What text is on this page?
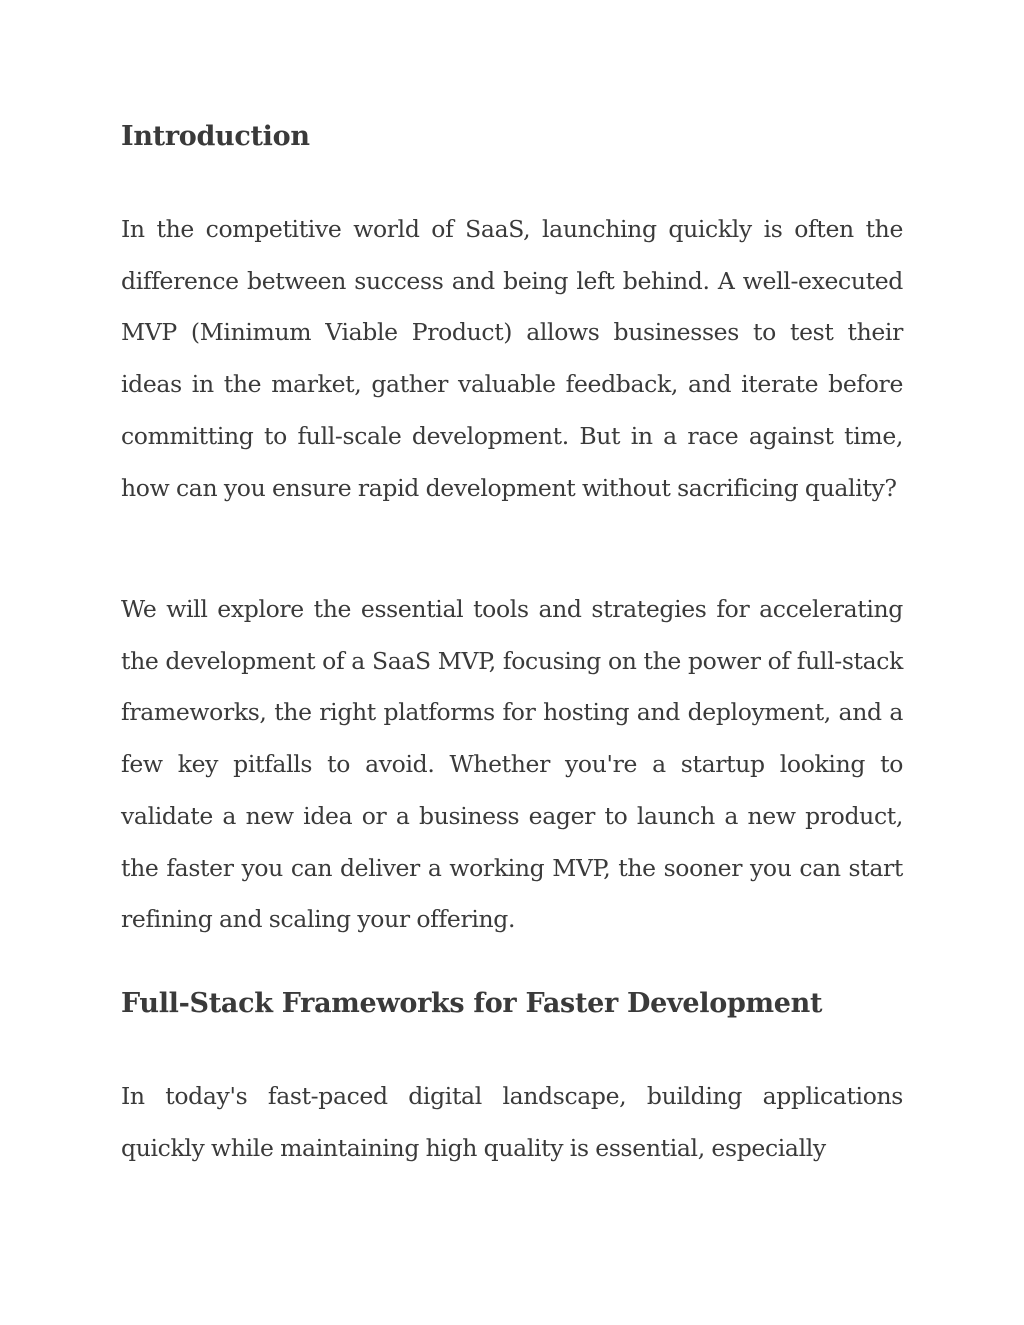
Introduction

In the competitive world of SaaS, launching quickly is often the difference between success and being left behind. A well-executed MVP (Minimum Viable Product) allows businesses to test their ideas in the market, gather valuable feedback, and iterate before committing to full-scale development. But in a race against time, how can you ensure rapid development without sacrificing quality?

We will explore the essential tools and strategies for accelerating the development of a SaaS MVP, focusing on the power of full-stack frameworks, the right platforms for hosting and deployment, and a few key pitfalls to avoid. Whether you're a startup looking to validate a new idea or a business eager to launch a new product, the faster you can deliver a working MVP, the sooner you can start refining and scaling your offering.

Full-Stack Frameworks for Faster Development

In today's fast-paced digital landscape, building applications quickly while maintaining high quality is essential, especially
